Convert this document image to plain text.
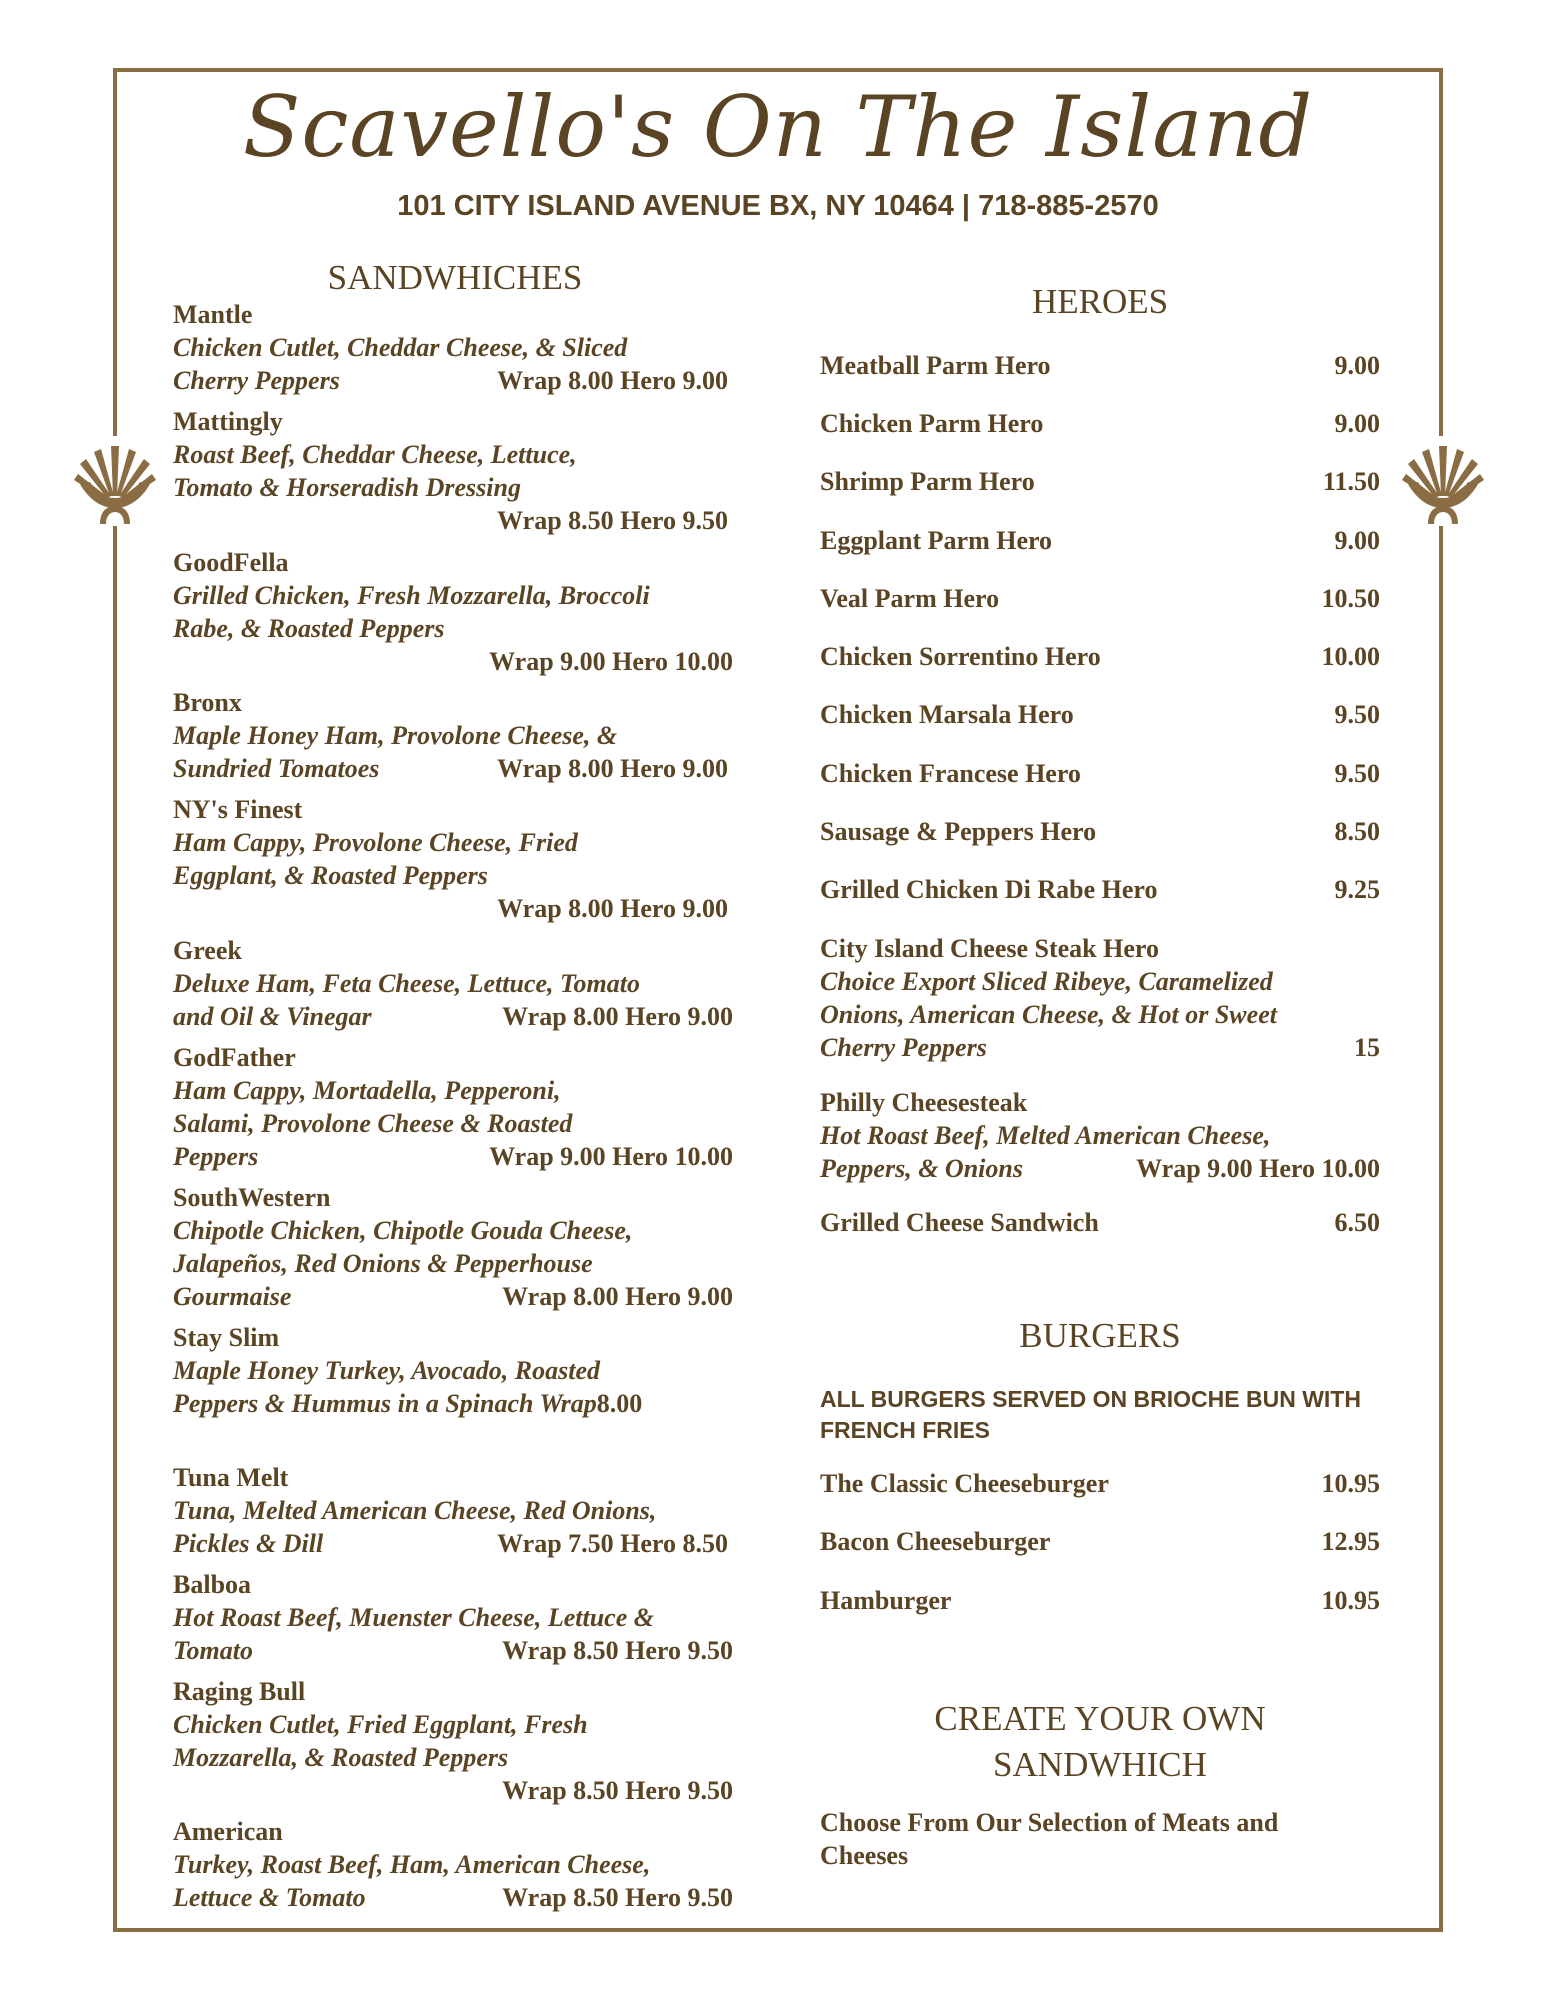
Scavello's On The Island
101 CITY ISLAND AVENUE BX, NY 10464 | 718-885-2570
SANDWHICHES
Mantle
Chicken Cutlet, Cheddar Cheese, & Sliced
Cherry Peppers	Wrap 8.00 Hero 9.00
Mattingly
Roast Beef, Cheddar Cheese, Lettuce,
Tomato & Horseradish Dressing
Wrap 8.50 Hero 9.50
GoodFella
Grilled Chicken, Fresh Mozzarella, Broccoli
Rabe, & Roasted Peppers
Wrap 9.00 Hero 10.00
Bronx
Maple Honey Ham, Provolone Cheese, &
Sundried Tomatoes	Wrap 8.00 Hero 9.00
NY's Finest
Ham Cappy, Provolone Cheese, Fried
Eggplant, & Roasted Peppers
Wrap 8.00 Hero 9.00
Greek
Deluxe Ham, Feta Cheese, Lettuce, Tomato
and Oil & Vinegar	Wrap 8.00 Hero 9.00
GodFather
Ham Cappy, Mortadella, Pepperoni,
Salami, Provolone Cheese & Roasted
Peppers	Wrap 9.00 Hero 10.00
SouthWestern
Chipotle Chicken, Chipotle Gouda Cheese,
Jalapeños, Red Onions & Pepperhouse
Gourmaise	Wrap 8.00 Hero 9.00
Stay Slim
Maple Honey Turkey, Avocado, Roasted
Peppers & Hummus in a Spinach Wrap8.00
Tuna Melt
Tuna, Melted American Cheese, Red Onions,
Pickles & Dill	Wrap 7.50 Hero 8.50
Balboa
Hot Roast Beef, Muenster Cheese, Lettuce &
Tomato	Wrap 8.50 Hero 9.50
Raging Bull
Chicken Cutlet, Fried Eggplant, Fresh
Mozzarella, & Roasted Peppers
Wrap 8.50 Hero 9.50
American
Turkey, Roast Beef, Ham, American Cheese,
Lettuce & Tomato	Wrap 8.50 Hero 9.50
HEROES
Meatball Parm Hero	9.00
Chicken Parm Hero	9.00
Shrimp Parm Hero	11.50
Eggplant Parm Hero	9.00
Veal Parm Hero	10.50
Chicken Sorrentino Hero	10.00
Chicken Marsala Hero	9.50
Chicken Francese Hero	9.50
Sausage & Peppers Hero	8.50
Grilled Chicken Di Rabe Hero	9.25
City Island Cheese Steak Hero
Choice Export Sliced Ribeye, Caramelized
Onions, American Cheese, & Hot or Sweet
Cherry Peppers	15
Philly Cheesesteak
Hot Roast Beef, Melted American Cheese,
Peppers, & Onions	Wrap 9.00 Hero 10.00
Grilled Cheese Sandwich	6.50
BURGERS
ALL BURGERS SERVED ON BRIOCHE BUN WITH FRENCH FRIES
The Classic Cheeseburger	10.95
Bacon Cheeseburger	12.95
Hamburger	10.95
CREATE YOUR OWN
SANDWHICH
Choose From Our Selection of Meats and Cheeses
